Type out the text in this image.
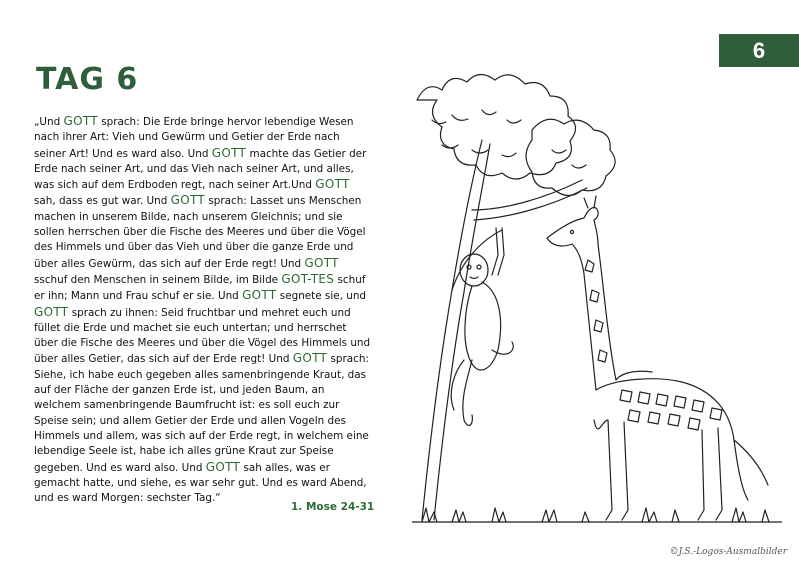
6
TAG 6

„Und GOTT sprach: Die Erde bringe hervor lebendige Wesen nach ihrer Art: Vieh und Gewürm und Getier der Erde nach seiner Art! Und es ward also. Und GOTT machte das Getier der Erde nach seiner Art, und das Vieh nach seiner Art, und alles, was sich auf dem Erdboden regt, nach seiner Art.Und GOTT sah, dass es gut war. Und GOTT sprach: Lasset uns Menschen machen in unserem Bilde, nach unserem Gleichnis; und sie sollen herrschen über die Fische des Meeres und über die Vögel des Himmels und über das Vieh und über die ganze Erde und über alles Gewürm, das sich auf der Erde regt! Und GOTT sschuf den Menschen in seinem Bilde, im Bilde GOT-TES schuf er ihn; Mann und Frau schuf er sie. Und GOTT segnete sie, und GOTT sprach zu ihnen: Seid fruchtbar und mehret euch und füllet die Erde und machet sie euch untertan; und herrschet über die Fische des Meeres und über die Vögel des Himmels und über alles Getier, das sich auf der Erde regt! Und GOTT sprach: Siehe, ich habe euch gegeben alles samenbringende Kraut, das auf der Fläche der ganzen Erde ist, und jeden Baum, an welchem samenbringende Baumfrucht ist: es soll euch zur Speise sein; und allem Getier der Erde und allen Vogeln des Himmels und allem, was sich auf der Erde regt, in welchem eine lebendige Seele ist, habe ich alles grüne Kraut zur Speise gegeben. Und es ward also. Und GOTT sah alles, was er gemacht hatte, und siehe, es war sehr gut. Und es ward Abend, und es ward Morgen: sechster Tag.“

1. Mose 24-31
©J.S.-Logos-Ausmalbilder
